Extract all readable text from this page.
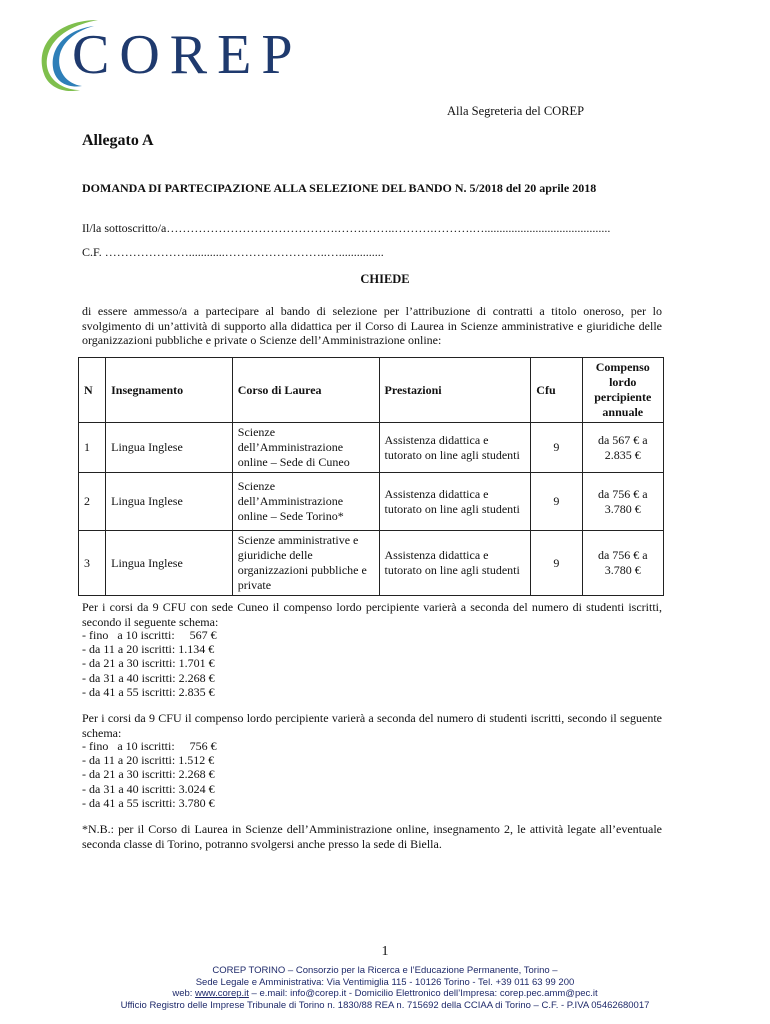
COREP
Alla Segreteria del COREP
Allegato A
DOMANDA DI PARTECIPAZIONE ALLA SELEZIONE DEL BANDO N. 5/2018 del 20 aprile 2018
Il/la sottoscritto/a…………………………………….…….……..……….……….…..........................................
C.F. …………………............……………………..…...............
CHIEDE
di essere ammesso/a a partecipare al bando di selezione per l’attribuzione di contratti a titolo oneroso, per lo svolgimento di un’attività di supporto alla didattica per il Corso di Laurea in Scienze amministrative e giuridiche delle organizzazioni pubbliche e private o Scienze dell’Amministrazione online:
N	Insegnamento	Corso di Laurea	Prestazioni	Cfu	Compenso lordo percipiente annuale
1	Lingua Inglese	Scienze dell’Amministrazione online – Sede di Cuneo	Assistenza didattica e tutorato on line agli studenti	9	da 567 € a 2.835 €
2	Lingua Inglese	Scienze dell’Amministrazione online – Sede Torino*	Assistenza didattica e tutorato on line agli studenti	9	da 756 € a 3.780 €
3	Lingua Inglese	Scienze amministrative e giuridiche delle organizzazioni pubbliche e private	Assistenza didattica e tutorato on line agli studenti	9	da 756 € a 3.780 €
Per i corsi da 9 CFU con sede Cuneo il compenso lordo percipiente varierà a seconda del numero di studenti iscritti, secondo il seguente schema:
- fino   a 10 iscritti:     567 €
- da 11 a 20 iscritti: 1.134 €
- da 21 a 30 iscritti: 1.701 €
- da 31 a 40 iscritti: 2.268 €
- da 41 a 55 iscritti: 2.835 €
Per i corsi da 9 CFU il compenso lordo percipiente varierà a seconda del numero di studenti iscritti, secondo il seguente schema:
- fino   a 10 iscritti:     756 €
- da 11 a 20 iscritti: 1.512 €
- da 21 a 30 iscritti: 2.268 €
- da 31 a 40 iscritti: 3.024 €
- da 41 a 55 iscritti: 3.780 €
*N.B.: per il Corso di Laurea in Scienze dell’Amministrazione online, insegnamento 2, le attività legate all’eventuale seconda classe di Torino, potranno svolgersi anche presso la sede di Biella.
1
COREP TORINO – Consorzio per la Ricerca e l’Educazione Permanente, Torino –
Sede Legale e Amministrativa: Via Ventimiglia 115 - 10126 Torino - Tel. +39 011 63 99 200
web: www.corep.it – e.mail: info@corep.it - Domicilio Elettronico dell’Impresa: corep.pec.amm@pec.it
Ufficio Registro delle Imprese Tribunale di Torino n. 1830/88 REA n. 715692 della CCIAA di Torino – C.F. - P.IVA 05462680017
